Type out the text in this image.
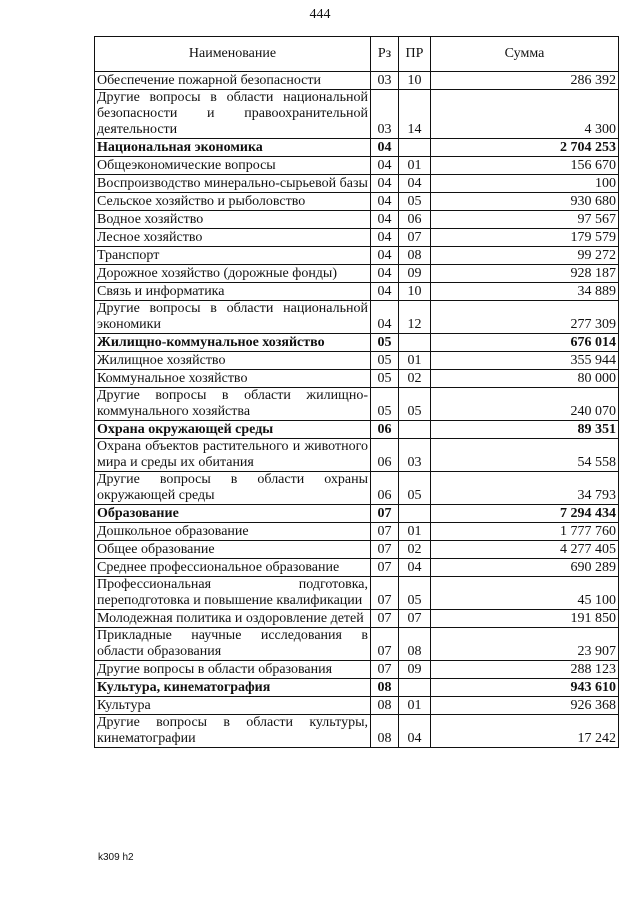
444
Наименование	Рз	ПР	Сумма
Обеспечение пожарной безопасности	03	10	286 392
Другие вопросы в области национальной безопасности и правоохранительной деятельности	03	14	4 300
Национальная экономика	04		2 704 253
Общеэкономические вопросы	04	01	156 670
Воспроизводство минерально-сырьевой базы	04	04	100
Сельское хозяйство и рыболовство	04	05	930 680
Водное хозяйство	04	06	97 567
Лесное хозяйство	04	07	179 579
Транспорт	04	08	99 272
Дорожное хозяйство (дорожные фонды)	04	09	928 187
Связь и информатика	04	10	34 889
Другие вопросы в области национальной экономики	04	12	277 309
Жилищно-коммунальное хозяйство	05		676 014
Жилищное хозяйство	05	01	355 944
Коммунальное хозяйство	05	02	80 000
Другие вопросы в области жилищно-коммунального хозяйства	05	05	240 070
Охрана окружающей среды	06		89 351
Охрана объектов растительного и животного мира и среды их обитания	06	03	54 558
Другие вопросы в области охраны окружающей среды	06	05	34 793
Образование	07		7 294 434
Дошкольное образование	07	01	1 777 760
Общее образование	07	02	4 277 405
Среднее профессиональное образование	07	04	690 289
Профессиональная подготовка, переподготовка и повышение квалификации	07	05	45 100
Молодежная политика и оздоровление детей	07	07	191 850
Прикладные научные исследования в области образования	07	08	23 907
Другие вопросы в области образования	07	09	288 123
Культура, кинематография	08		943 610
Культура	08	01	926 368
Другие вопросы в области культуры, кинематографии	08	04	17 242
k309 h2
